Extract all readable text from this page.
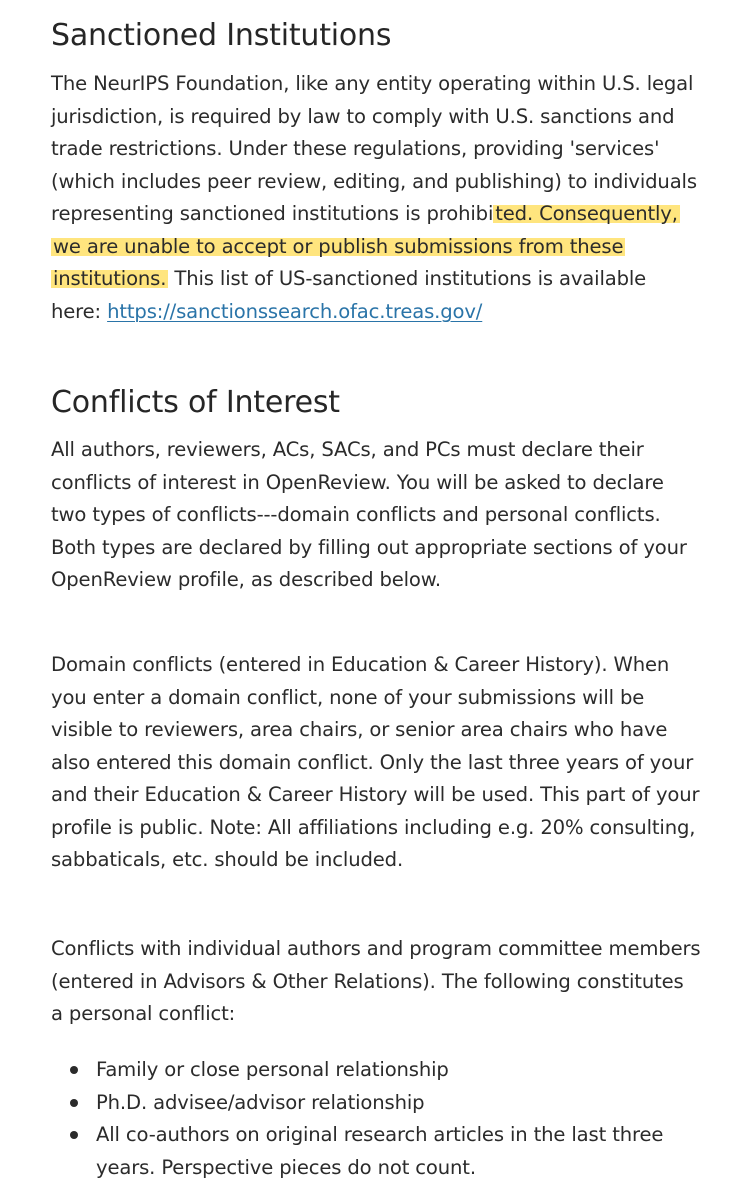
Sanctioned Institutions

The NeurIPS Foundation, like any entity operating within U.S. legal jurisdiction, is required by law to comply with U.S. sanctions and trade restrictions. Under these regulations, providing 'services' (which includes peer review, editing, and publishing) to individuals representing sanctioned institutions is prohibi ted. Consequently, we are unable to accept or publish submissions from these institutions. This list of US-sanctioned institutions is available here: https://sanctionssearch.ofac.treas.gov/

Conflicts of Interest

All authors, reviewers, ACs, SACs, and PCs must declare their conflicts of interest in OpenReview. You will be asked to declare two types of conflicts---domain conflicts and personal conflicts. Both types are declared by filling out appropriate sections of your OpenReview profile, as described below.

Domain conflicts (entered in Education & Career History). When you enter a domain conflict, none of your submissions will be visible to reviewers, area chairs, or senior area chairs who have also entered this domain conflict. Only the last three years of your and their Education & Career History will be used. This part of your profile is public. Note: All affiliations including e.g. 20% consulting, sabbaticals, etc. should be included.

Conflicts with individual authors and program committee members (entered in Advisors & Other Relations). The following constitutes a personal conflict:

Family or close personal relationship
Ph.D. advisee/advisor relationship
All co-authors on original research articles in the last three years. Perspective pieces do not count.
